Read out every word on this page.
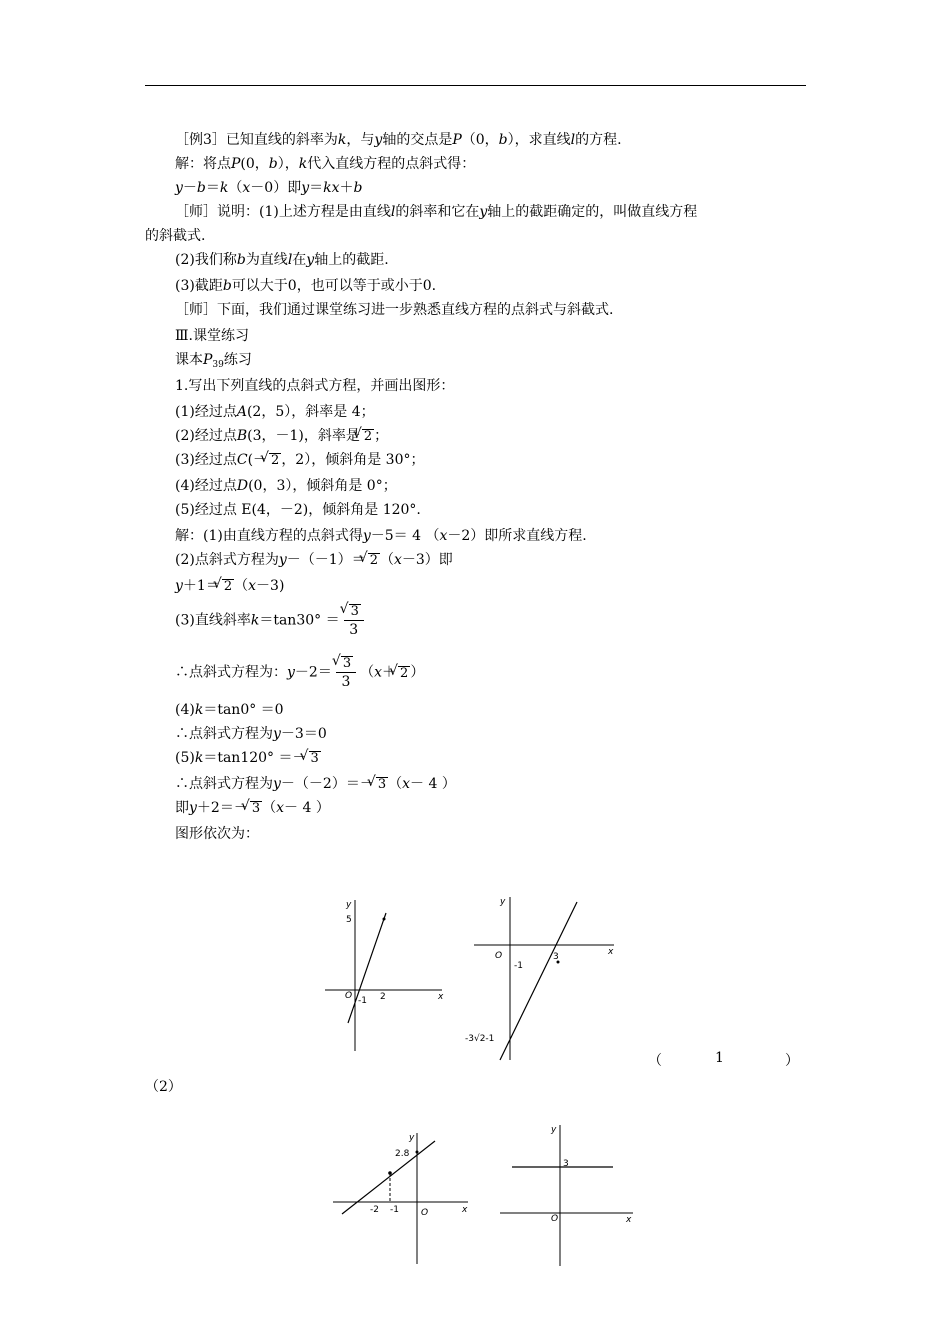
［例3］已知直线的斜率为k，与y轴的交点是P（0，b），求直线l的方程.
解：将点P(0，b），k代入直线方程的点斜式得：
y－b＝k（x－0）即y＝kx＋b
［师］说明：(1)上述方程是由直线l的斜率和它在y轴上的截距确定的，叫做直线方程
的斜截式.
(2)我们称b为直线l在y轴上的截距.
(3)截距b可以大于0，也可以等于或小于0.
［师］下面，我们通过课堂练习进一步熟悉直线方程的点斜式与斜截式.
Ⅲ.课堂练习
课本$P_{39}$练习
1.写出下列直线的点斜式方程，并画出图形：
(1)经过点A(2，5），斜率是 4；
(2)经过点B(3，－1)，斜率是√ 2 ；
(3)经过点C(－√ 2 ，2），倾斜角是 30°；
(4)经过点D(0，3），倾斜角是 0°；
(5)经过点 E(4，－2)，倾斜角是 120°.
解：(1)由直线方程的点斜式得y－5＝ 4 （x－2）即所求直线方程.
(2)点斜式方程为y－（－1）＝√ 2 （x－3）即
y＋1＝√ 2 （x－3)
(3)直线斜率k＝tan30° ＝
√ $\frac{3}{3}$
∴点斜式方程为：y－2＝
√ $\frac{3}{3} (x+√$ 2 ）
(4)k＝tan0° ＝0
∴点斜式方程为y－3＝0
(5)k＝tan120° ＝－√ 3
∴点斜式方程为y－（－2）＝－√ 3 （x－ 4 ）
即y＋2＝－√ 3 （x－ 4 ）
图形依次为：
y
x
5
O -1 2
y
x
O
-1
3
-3√2-1
（	1	）
（2）
y
x
O
-2 -1
2.8
y
x
O
3
